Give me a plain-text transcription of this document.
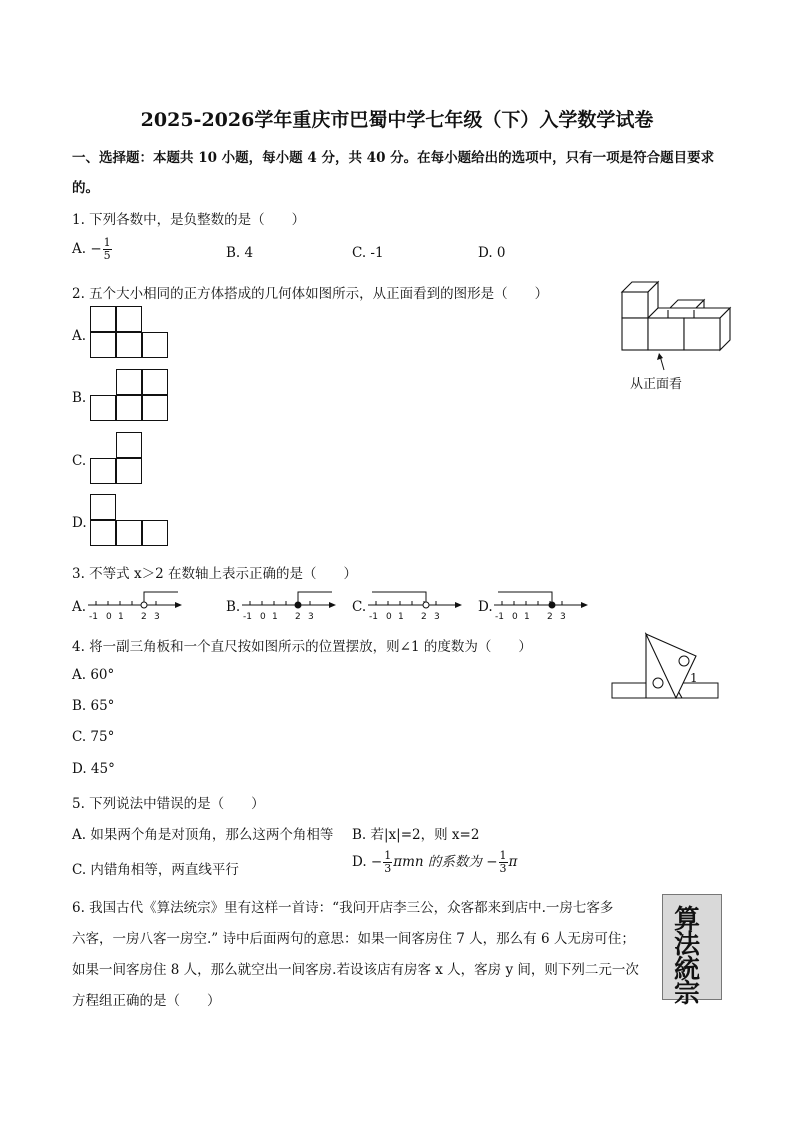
2025-2026学年重庆市巴蜀中学七年级（下）入学数学试卷
一、选择题：本题共 10 小题，每小题 4 分，共 40 分。在每小题给出的选项中，只有一项是符合题目要求
的。
1. 下列各数中，是负整数的是（　　）
A. − $\frac{1}{5}$	B. 4	C. -1	D. 0
2. 五个大小相同的正方体搭成的几何体如图所示，从正面看到的图形是（　　）
A.
B.
C.
D.
从正面看
3. 不等式 x＞2 在数轴上表示正确的是（　　）
A.
-1 0 1 2 3
B.
-1 0 1 2 3
C.
-1 0 1 2 3
D.
-1 0 1 2 3
4. 将一副三角板和一个直尺按如图所示的位置摆放，则∠1 的度数为（　　）
A. 60°
B. 65°
C. 75°
D. 45°
1
5. 下列说法中错误的是（　　）
A. 如果两个角是对顶角，那么这两个角相等 B. 若|x|=2，则 x=2
C. 内错角相等，两直线平行	D. − $\frac{1}{3}$ πmn 的系数为 − $\frac{1}{3}$ π
6. 我国古代《算法统宗》里有这样一首诗：“我问开店李三公，众客都来到店中.一房七客多
六客，一房八客一房空.” 诗中后面两句的意思：如果一间客房住 7 人，那么有 6 人无房可住；
如果一间客房住 8 人，那么就空出一间客房.若设该店有房客 x 人，客房 y 间，则下列二元一次
方程组正确的是（　　）
算
法
統
宗
